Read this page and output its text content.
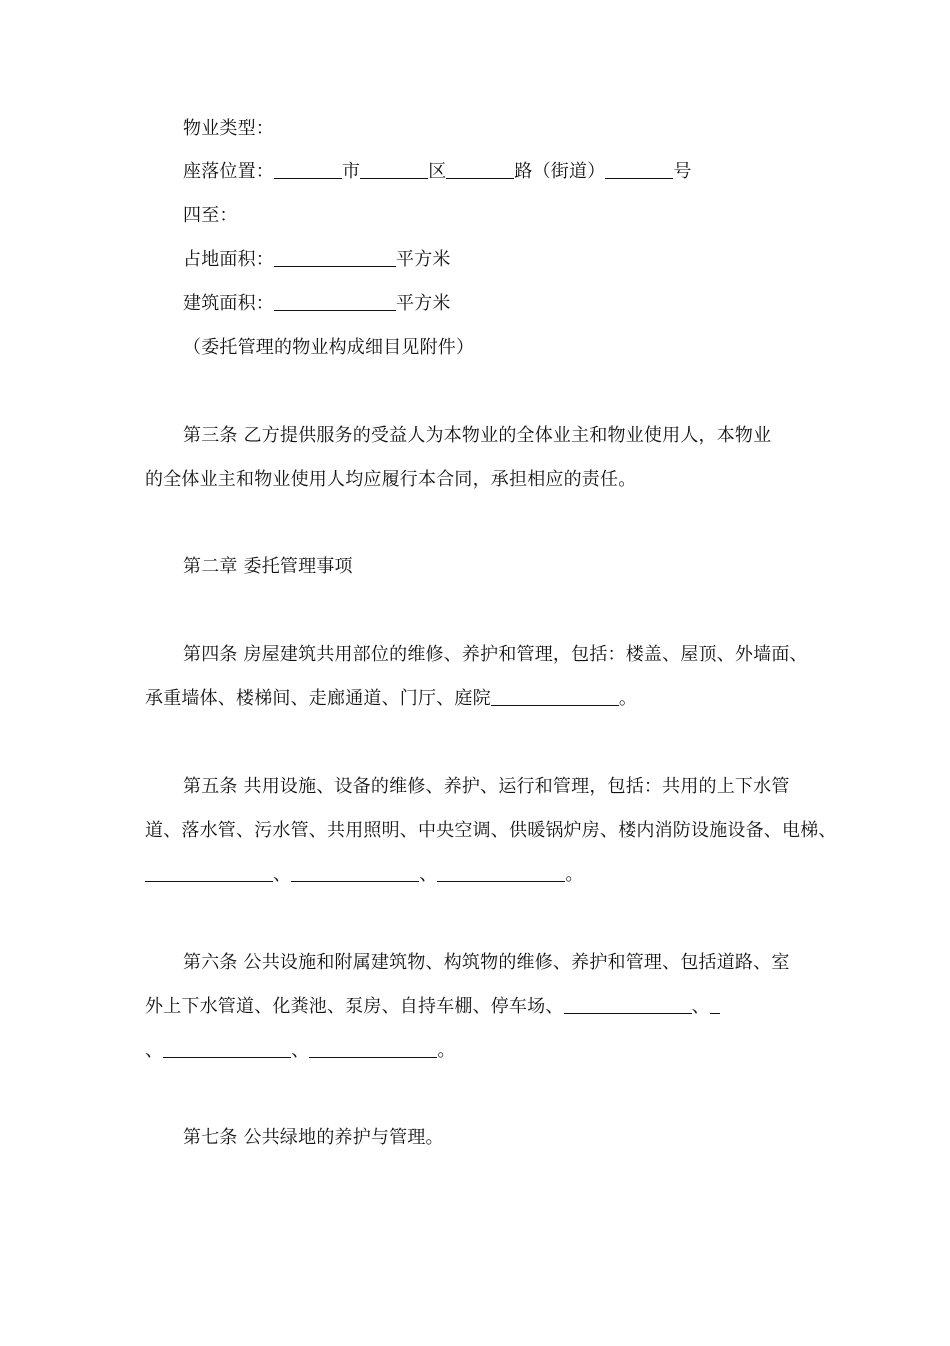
物业类型：
座落位置：	市	区	路（街道）	号
四至：
占地面积：	平方米
建筑面积：	平方米
（委托管理的物业构成细目见附件）
第三条 乙方提供服务的受益人为本物业的全体业主和物业使用人，本物业
的全体业主和物业使用人均应履行本合同，承担相应的责任。
第二章 委托管理事项
第四条 房屋建筑共用部位的维修、养护和管理，包括：楼盖、屋顶、外墙面、
承重墙体、楼梯间、走廊通道、门厅、庭院	。
第五条 共用设施、设备的维修、养护、运行和管理，包括：共用的上下水管
道、落水管、污水管、共用照明、中央空调、供暖锅炉房、楼内消防设施设备、电梯、
、	、	。
第六条 公共设施和附属建筑物、构筑物的维修、养护和管理、包括道路、室
外上下水管道、化粪池、泵房、自持车棚、停车场、	、
、	、	。
第七条 公共绿地的养护与管理。
